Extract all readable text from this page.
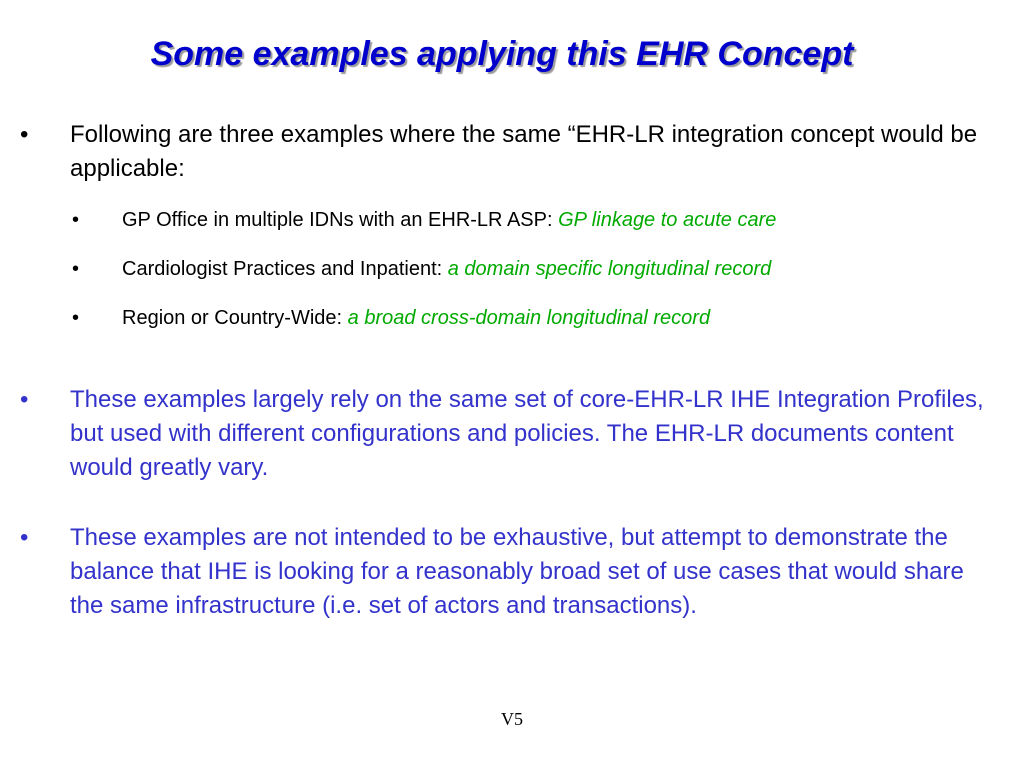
Some examples applying this EHR Concept
• Following are three examples where the same “EHR-LR integration concept would be applicable:
• GP Office in multiple IDNs with an EHR-LR ASP: GP linkage to acute care
• Cardiologist Practices and Inpatient: a domain specific longitudinal record
• Region or Country-Wide: a broad cross-domain longitudinal record
• These examples largely rely on the same set of core-EHR-LR IHE Integration Profiles, but used with different configurations and policies. The EHR-LR documents content would greatly vary.
• These examples are not intended to be exhaustive, but attempt to demonstrate the balance that IHE is looking for a reasonably broad set of use cases that would share the same infrastructure (i.e. set of actors and transactions).
V5
